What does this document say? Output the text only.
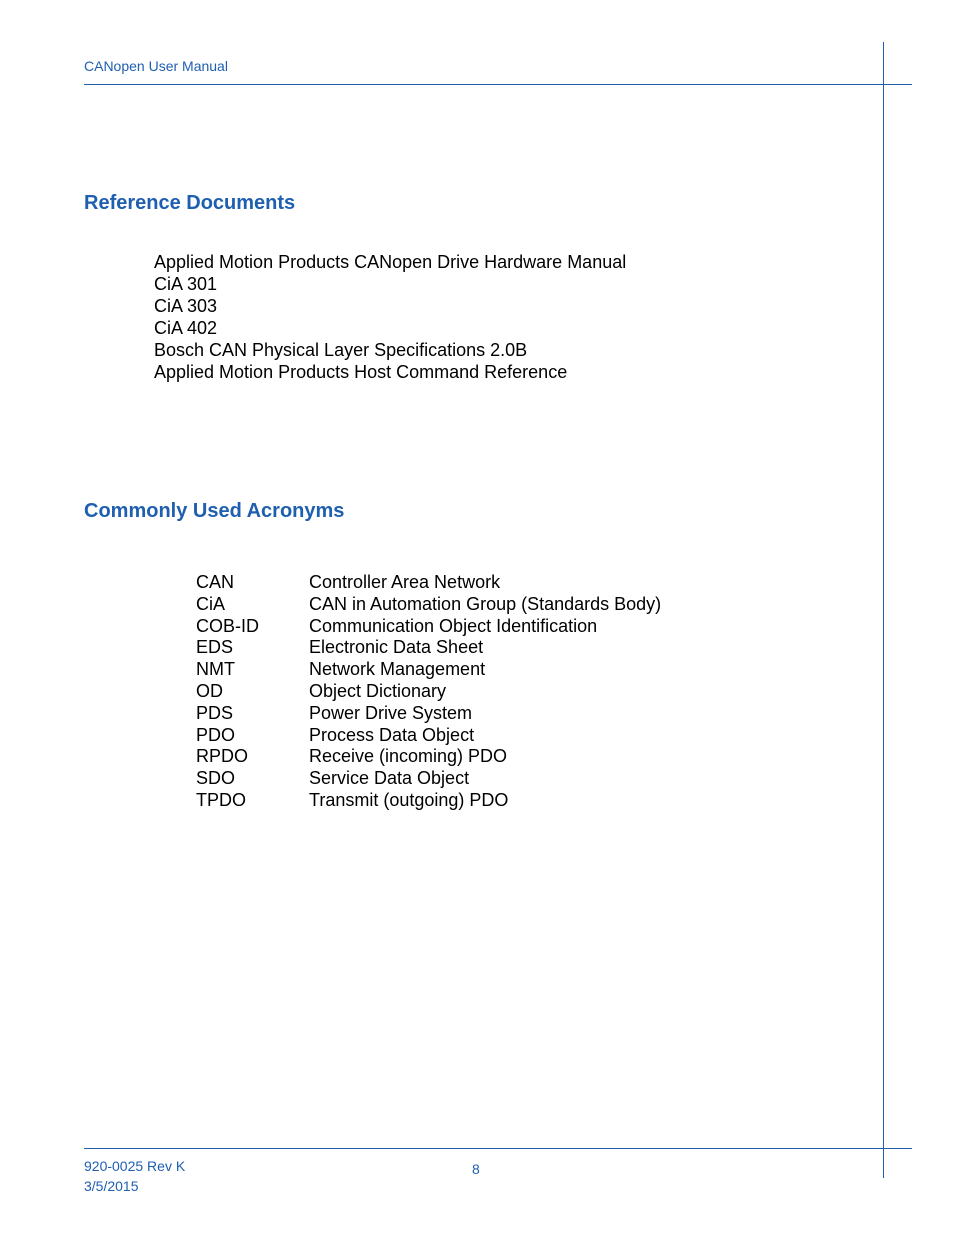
CANopen User Manual
Reference Documents
Applied Motion Products CANopen Drive Hardware Manual
CiA 301
CiA 303
CiA 402
Bosch CAN Physical Layer Specifications 2.0B
Applied Motion Products Host Command Reference
Commonly Used Acronyms
CAN	Controller Area Network
CiA	CAN in Automation Group (Standards Body)
COB-ID	Communication Object Identification
EDS	Electronic Data Sheet
NMT	Network Management
OD	Object Dictionary
PDS	Power Drive System
PDO	Process Data Object
RPDO	Receive (incoming) PDO
SDO	Service Data Object
TPDO	Transmit (outgoing) PDO
920-0025 Rev K
3/5/2015
8
